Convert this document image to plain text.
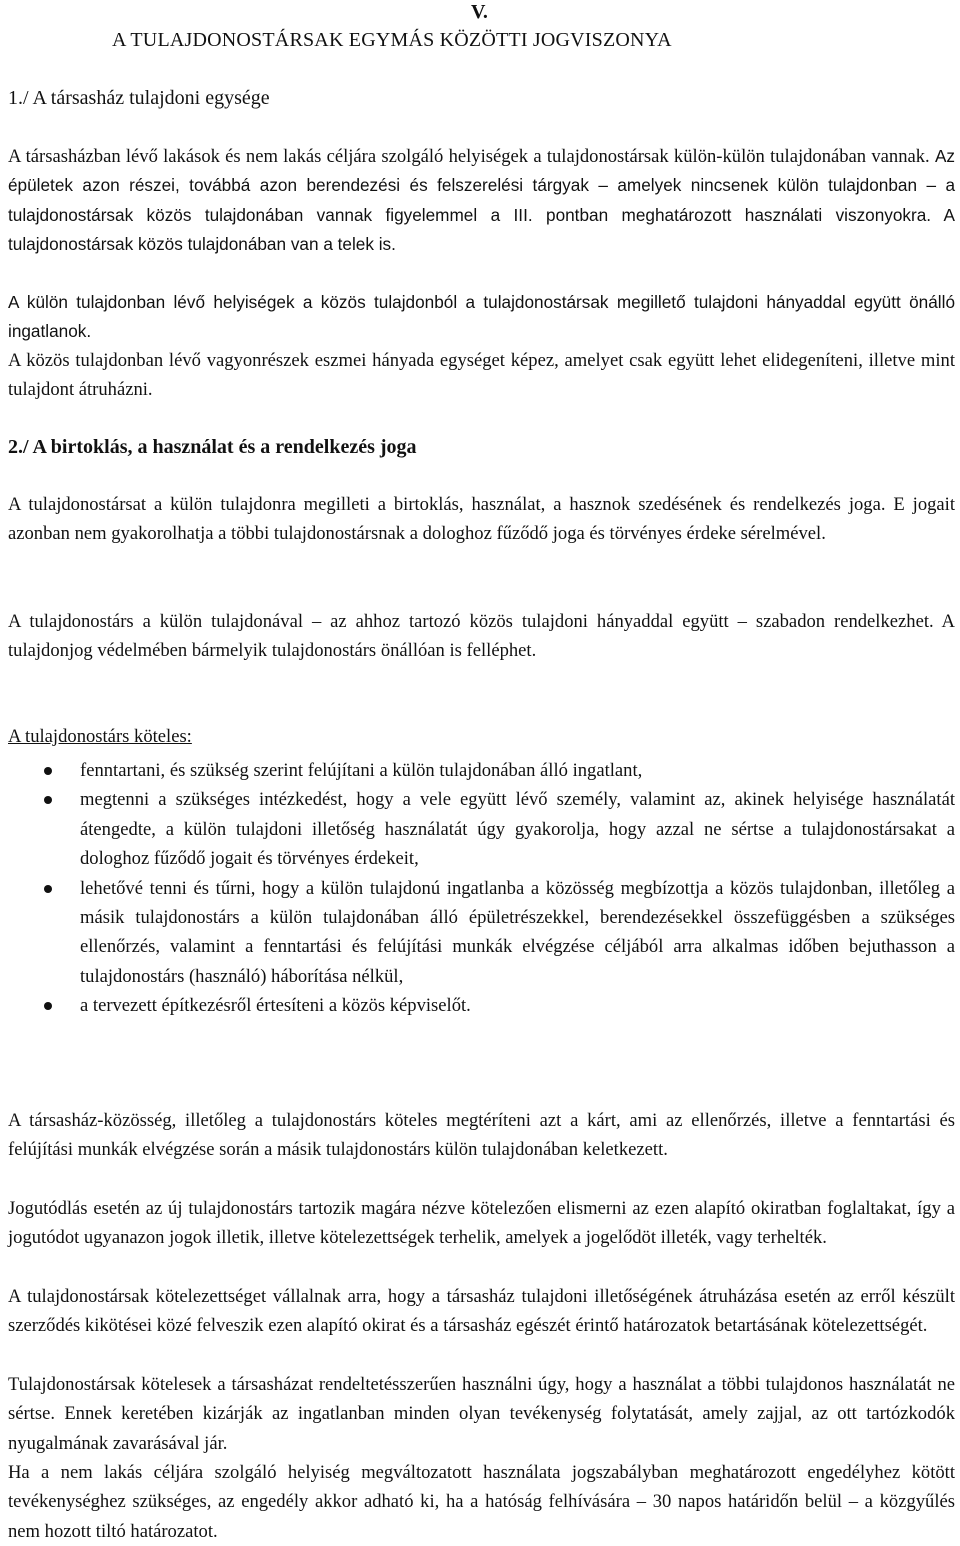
V.
A TULAJDONOSTÁRSAK EGYMÁS KÖZÖTTI JOGVISZONYA
1./ A társasház tulajdoni egysége
A társasházban lévő lakások és nem lakás céljára szolgáló helyiségek a tulajdonostársak külön-külön tulajdonában vannak. Az épületek azon részei, továbbá azon berendezési és felszerelési tárgyak – amelyek nincsenek külön tulajdonban – a tulajdonostársak közös tulajdonában vannak figyelemmel a III. pontban meghatározott használati viszonyokra. A tulajdonostársak közös tulajdonában van a telek is.
A külön tulajdonban lévő helyiségek a közös tulajdonból a tulajdonostársak megillető tulajdoni hányaddal együtt önálló ingatlanok.
A közös tulajdonban lévő vagyonrészek eszmei hányada egységet képez, amelyet csak együtt lehet elidegeníteni, illetve mint tulajdont átruházni.
2./ A birtoklás, a használat és a rendelkezés joga
A tulajdonostársat a külön tulajdonra megilleti a birtoklás, használat, a hasznok szedésének és rendelkezés joga. E jogait azonban nem gyakorolhatja a többi tulajdonostársnak a dologhoz fűződő joga és törvényes érdeke sérelmével.
A tulajdonostárs a külön tulajdonával – az ahhoz tartozó közös tulajdoni hányaddal együtt – szabadon rendelkezhet. A tulajdonjog védelmében bármelyik tulajdonostárs önállóan is felléphet.
A tulajdonostárs köteles:
fenntartani, és szükség szerint felújítani a külön tulajdonában álló ingatlant,
megtenni a szükséges intézkedést, hogy a vele együtt lévő személy, valamint az, akinek helyisége használatát átengedte, a külön tulajdoni illetőség használatát úgy gyakorolja, hogy azzal ne sértse a tulajdonostársakat a dologhoz fűződő jogait és törvényes érdekeit,
lehetővé tenni és tűrni, hogy a külön tulajdonú ingatlanba a közösség megbízottja a közös tulajdonban, illetőleg a másik tulajdonostárs a külön tulajdonában álló épületrészekkel, berendezésekkel összefüggésben a szükséges ellenőrzés, valamint a fenntartási és felújítási munkák elvégzése céljából arra alkalmas időben bejuthasson a tulajdonostárs (használó) háborítása nélkül,
a tervezett építkezésről értesíteni a közös képviselőt.
A társasház-közösség, illetőleg a tulajdonostárs köteles megtéríteni azt a kárt, ami az ellenőrzés, illetve a fenntartási és felújítási munkák elvégzése során a másik tulajdonostárs külön tulajdonában keletkezett.
Jogutódlás esetén az új tulajdonostárs tartozik magára nézve kötelezően elismerni az ezen alapító okiratban foglaltakat, így a jogutódot ugyanazon jogok illetik, illetve kötelezettségek terhelik, amelyek a jogelődöt illeték, vagy terhelték.
A tulajdonostársak kötelezettséget vállalnak arra, hogy a társasház tulajdoni illetőségének átruházása esetén az erről készült szerződés kikötései közé felveszik ezen alapító okirat és a társasház egészét érintő határozatok betartásának kötelezettségét.
Tulajdonostársak kötelesek a társasházat rendeltetésszerűen használni úgy, hogy a használat a többi tulajdonos használatát ne sértse. Ennek keretében kizárják az ingatlanban minden olyan tevékenység folytatását, amely zajjal, az ott tartózkodók nyugalmának zavarásával jár.
Ha a nem lakás céljára szolgáló helyiség megváltozatott használata jogszabályban meghatározott engedélyhez kötött tevékenységhez szükséges, az engedély akkor adható ki, ha a hatóság felhívására – 30 napos határidőn belül – a közgyűlés nem hozott tiltó határozatot.
